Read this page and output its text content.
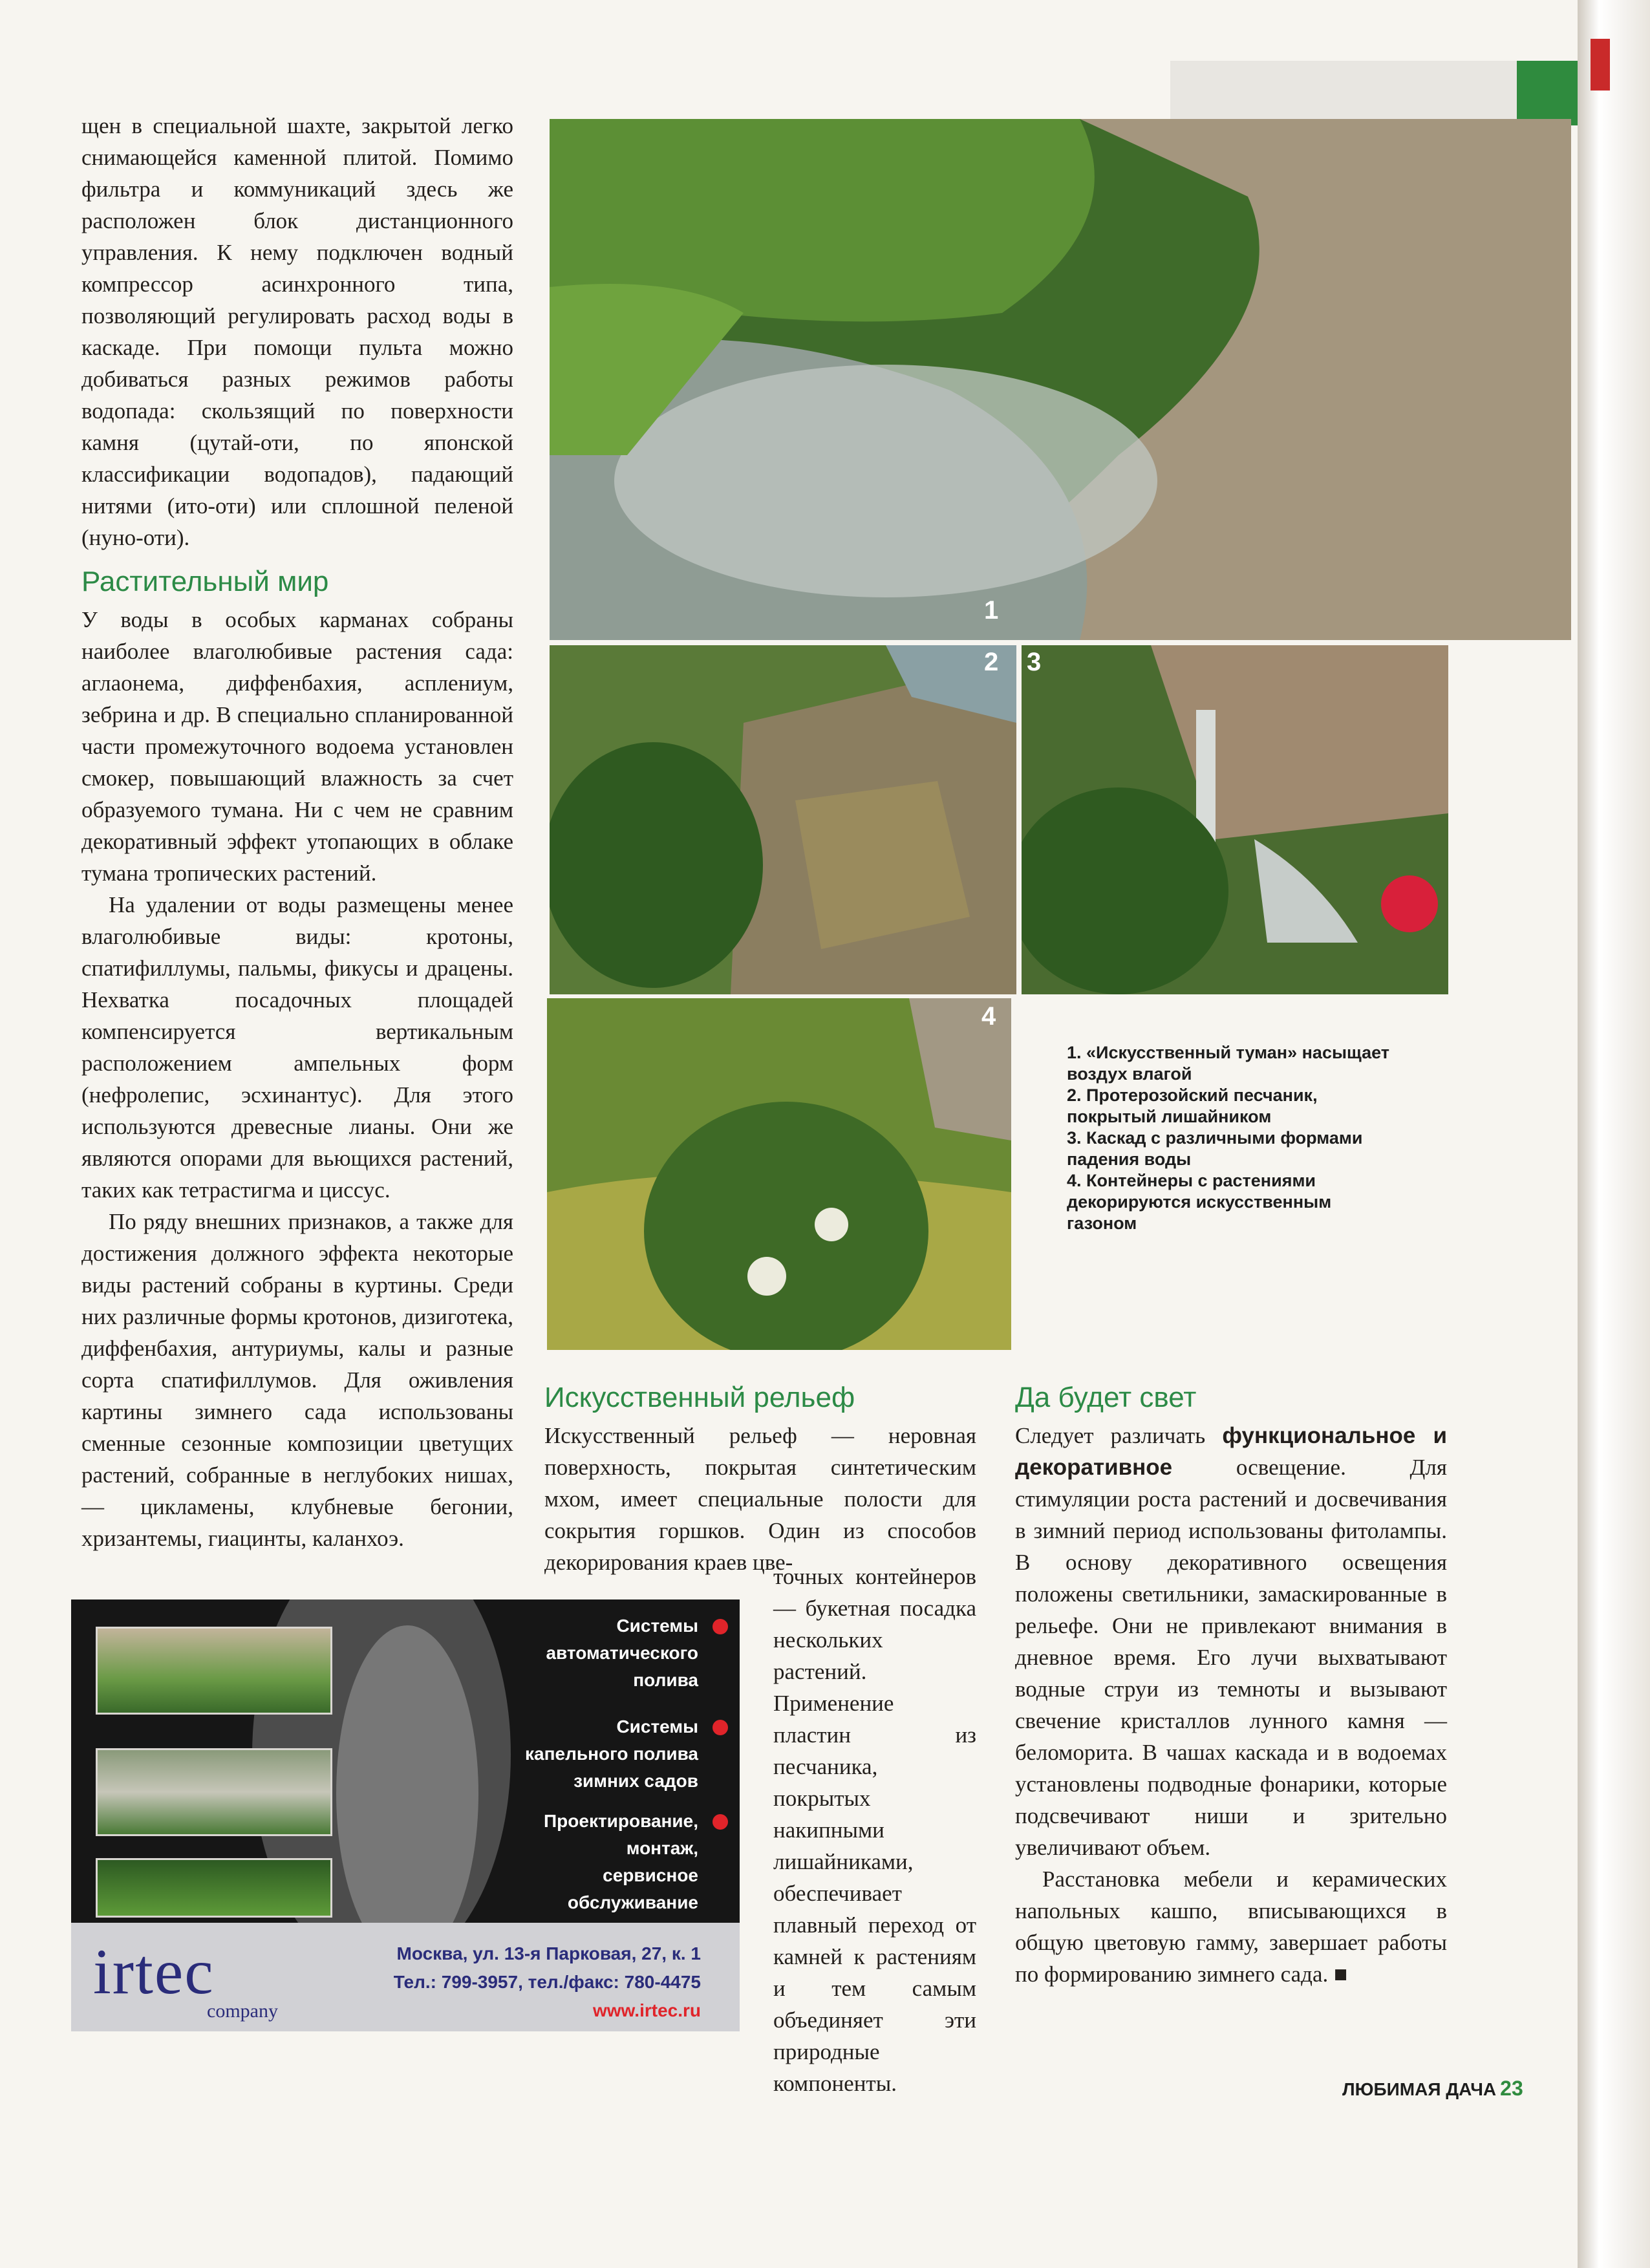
щен в специальной шахте, закрытой легко снимающейся каменной плитой. Помимо фильтра и коммуникаций здесь же расположен блок дистанционного управления. К нему подключен водный компрессор асинхронного типа, позволяющий регулировать расход воды в каскаде. При помощи пульта можно добиваться разных режимов работы водопада: скользящий по поверхности камня (цутай-оти, по японской классификации водопадов), падающий нитями (ито-оти) или сплошной пеленой (нуно-оти).

Растительный мир

У воды в особых карманах собраны наиболее влаголюбивые растения сада: аглаонема, диффенбахия, асплениум, зебрина и др. В специально спланированной части промежуточного водоема установлен смокер, повышающий влажность за счет образуемого тумана. Ни с чем не сравним декоративный эффект утопающих в облаке тумана тропических растений.

На удалении от воды размещены менее влаголюбивые виды: кротоны, спатифиллумы, пальмы, фикусы и драцены. Нехватка посадочных площадей компенсируется вертикальным расположением ампельных форм (нефролепис, эсхинантус). Для этого используются древесные лианы. Они же являются опорами для вьющихся растений, таких как тетрастигма и циссус.

По ряду внешних признаков, а также для достижения должного эффекта некоторые виды растений собраны в куртины. Среди них различные формы кротонов, дизиготека, диффенбахия, антуриумы, калы и разные сорта спатифиллумов. Для оживления картины зимнего сада использованы сменные сезонные композиции цветущих растений, собранные в неглубоких нишах, — цикламены, клубневые бегонии, хризантемы, гиацинты, каланхоэ.

1
2 3
4
1. «Искусственный туман» насыщает воздух влагой
2. Протерозойский песчаник, покрытый лишайником
3. Каскад с различными формами падения воды
4. Контейнеры с растениями декорируются искусственным газоном
Искусственный рельеф

Искусственный рельеф — неровная поверхность, покрытая синтетическим мхом, имеет специальные полости для сокрытия горшков. Один из способов декорирования краев цве-

точных контейнеров — букетная посадка нескольких растений. Применение пластин из песчаника, покрытых накипными лишайниками, обеспечивает плавный переход от камней к растениям и тем самым объединяет эти природные компоненты.

Да будет свет

Следует различать функциональное и декоративное освещение. Для стимуляции роста растений и досвечивания в зимний период использованы фитолампы. В основу декоративного освещения положены светильники, замаскированные в рельефе. Они не привлекают внимания в дневное время. Его лучи выхватывают водные струи из темноты и вызывают свечение кристаллов лунного камня — беломорита. В чашах каскада и в водоемах установлены подводные фонарики, которые подсвечивают ниши и зрительно увеличивают объем.

Расстановка мебели и керамических напольных кашпо, вписывающихся в общую цветовую гамму, завершает работы по формированию зимнего сада. ■

Системы
автоматического
полива
Системы
капельного полива
зимних садов
Проектирование,
монтаж,
сервисное
обслуживание
irtec
company
Москва, ул. 13-я Парковая, 27, к. 1
Тел.: 799-3957, тел./факс: 780-4475
www.irtec.ru
ЛЮБИМАЯ ДАЧА 23
